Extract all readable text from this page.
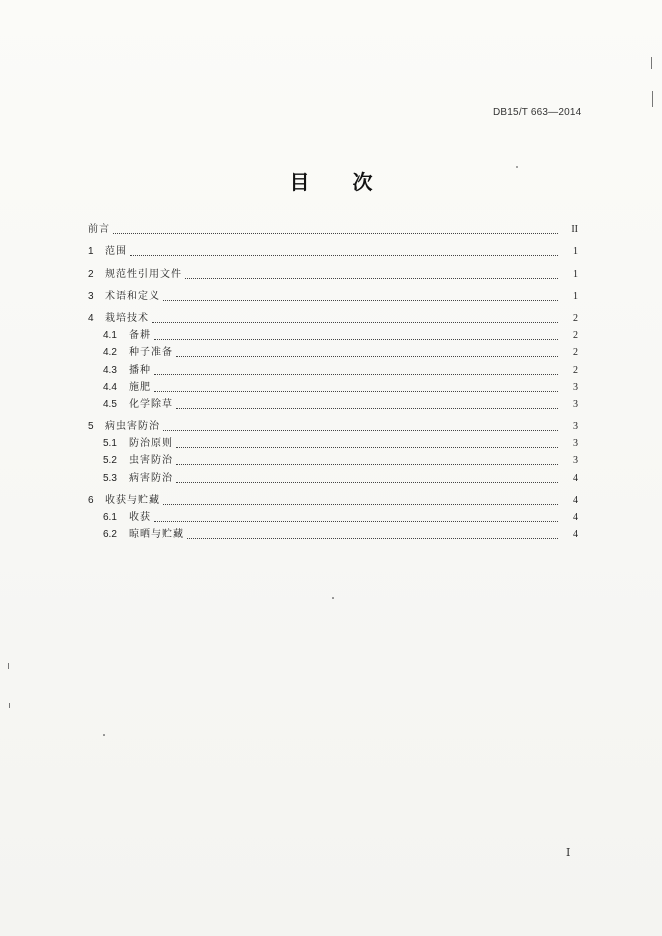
DB15/T 663—2014
目 次
前言	II
1	范围	1
2	规范性引用文件	1
3	术语和定义	1
4	栽培技术	2
4.1	备耕	2
4.2	种子准备	2
4.3	播种	2
4.4	施肥	3
4.5	化学除草	3
5	病虫害防治	3
5.1	防治原则	3
5.2	虫害防治	3
5.3	病害防治	4
6	收获与贮藏	4
6.1	收获	4
6.2	晾晒与贮藏	4
I
